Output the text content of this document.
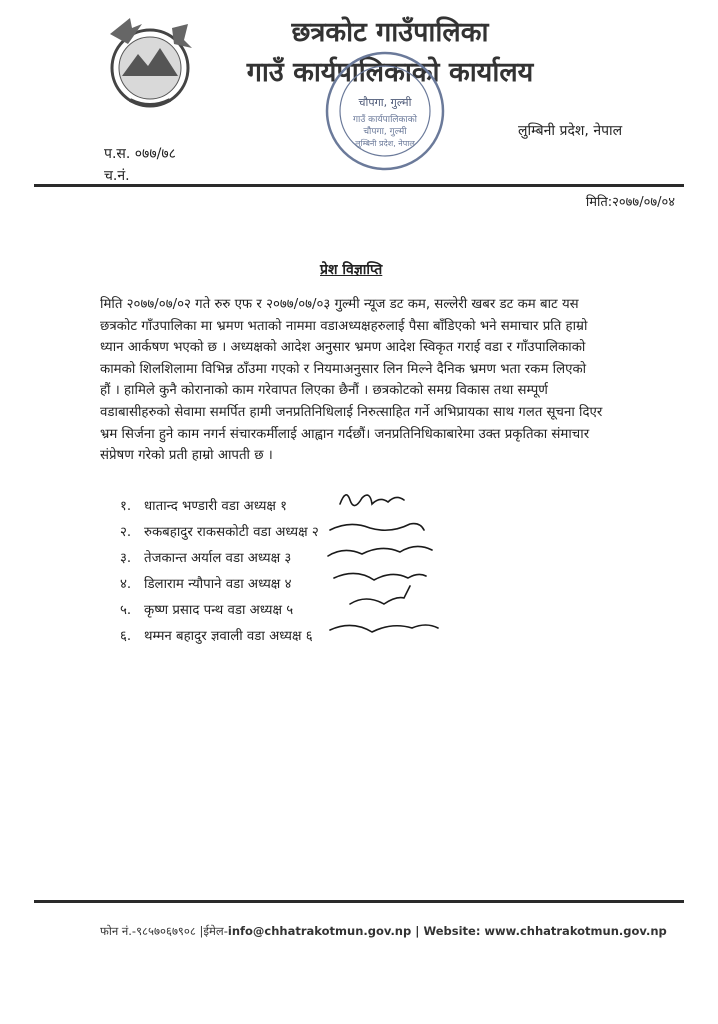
छत्रकोट गाउँपालिका
गाउँ कार्यपालिकाको कार्यालय
चौपगा, गुल्मी
गाउँ कार्यपालिकाको
चौपगा, गुल्मी
लुम्बिनी प्रदेश, नेपाल
लुम्बिनी प्रदेश, नेपाल
प.स. ०७७/७८
च.नं.
मिति:२०७७/०७/०४
प्रेश विज्ञाप्ति
मिति २०७७/०७/०२ गते रुरु एफ र २०७७/०७/०३ गुल्मी न्यूज डट कम, सल्लेरी खबर डट कम बाट यस
छत्रकोट गाँउपालिका मा भ्रमण भताको नाममा वडाअध्यक्षहरुलाई पैसा बाँडिएको भने समाचार प्रति हाम्रो
ध्यान आर्कषण भएको छ । अध्यक्षको आदेश अनुसार भ्रमण आदेश स्विकृत गराई वडा र गाँउपालिकाको
कामको शिलशिलामा विभिन्न ठाँउमा गएको र नियमाअनुसार लिन मिल्ने दैनिक भ्रमण भता रकम लिएको
हौं । हामिले कुनै कोरानाको काम गरेवापत लिएका छैनौं । छत्रकोटको समग्र विकास तथा सम्पूर्ण
वडाबासीहरुको सेवामा समर्पित हामी जनप्रतिनिधिलाई निरुत्साहित गर्ने अभिप्रायका साथ गलत सूचना दिएर
भ्रम सिर्जना हुने काम नगर्न संचारकर्मीलाई आह्वान गर्दछौं। जनप्रतिनिधिकाबारेमा उक्त प्रकृतिका संमाचार
संप्रेषण गरेको प्रती हाम्रो आपती छ ।
१. धातान्द भण्डारी वडा अध्यक्ष १
२. रुकबहादुर राकसकोटी वडा अध्यक्ष २
३. तेजकान्त अर्याल वडा अध्यक्ष ३
४. डिलाराम न्यौपाने वडा अध्यक्ष ४
५. कृष्ण प्रसाद पन्थ वडा अध्यक्ष ५
६. थम्मन बहादुर ज्ञवाली वडा अध्यक्ष ६
फोन नं.-९८५७०६७९०८ |ईमेल-info@chhatrakotmun.gov.np | Website: www.chhatrakotmun.gov.np
